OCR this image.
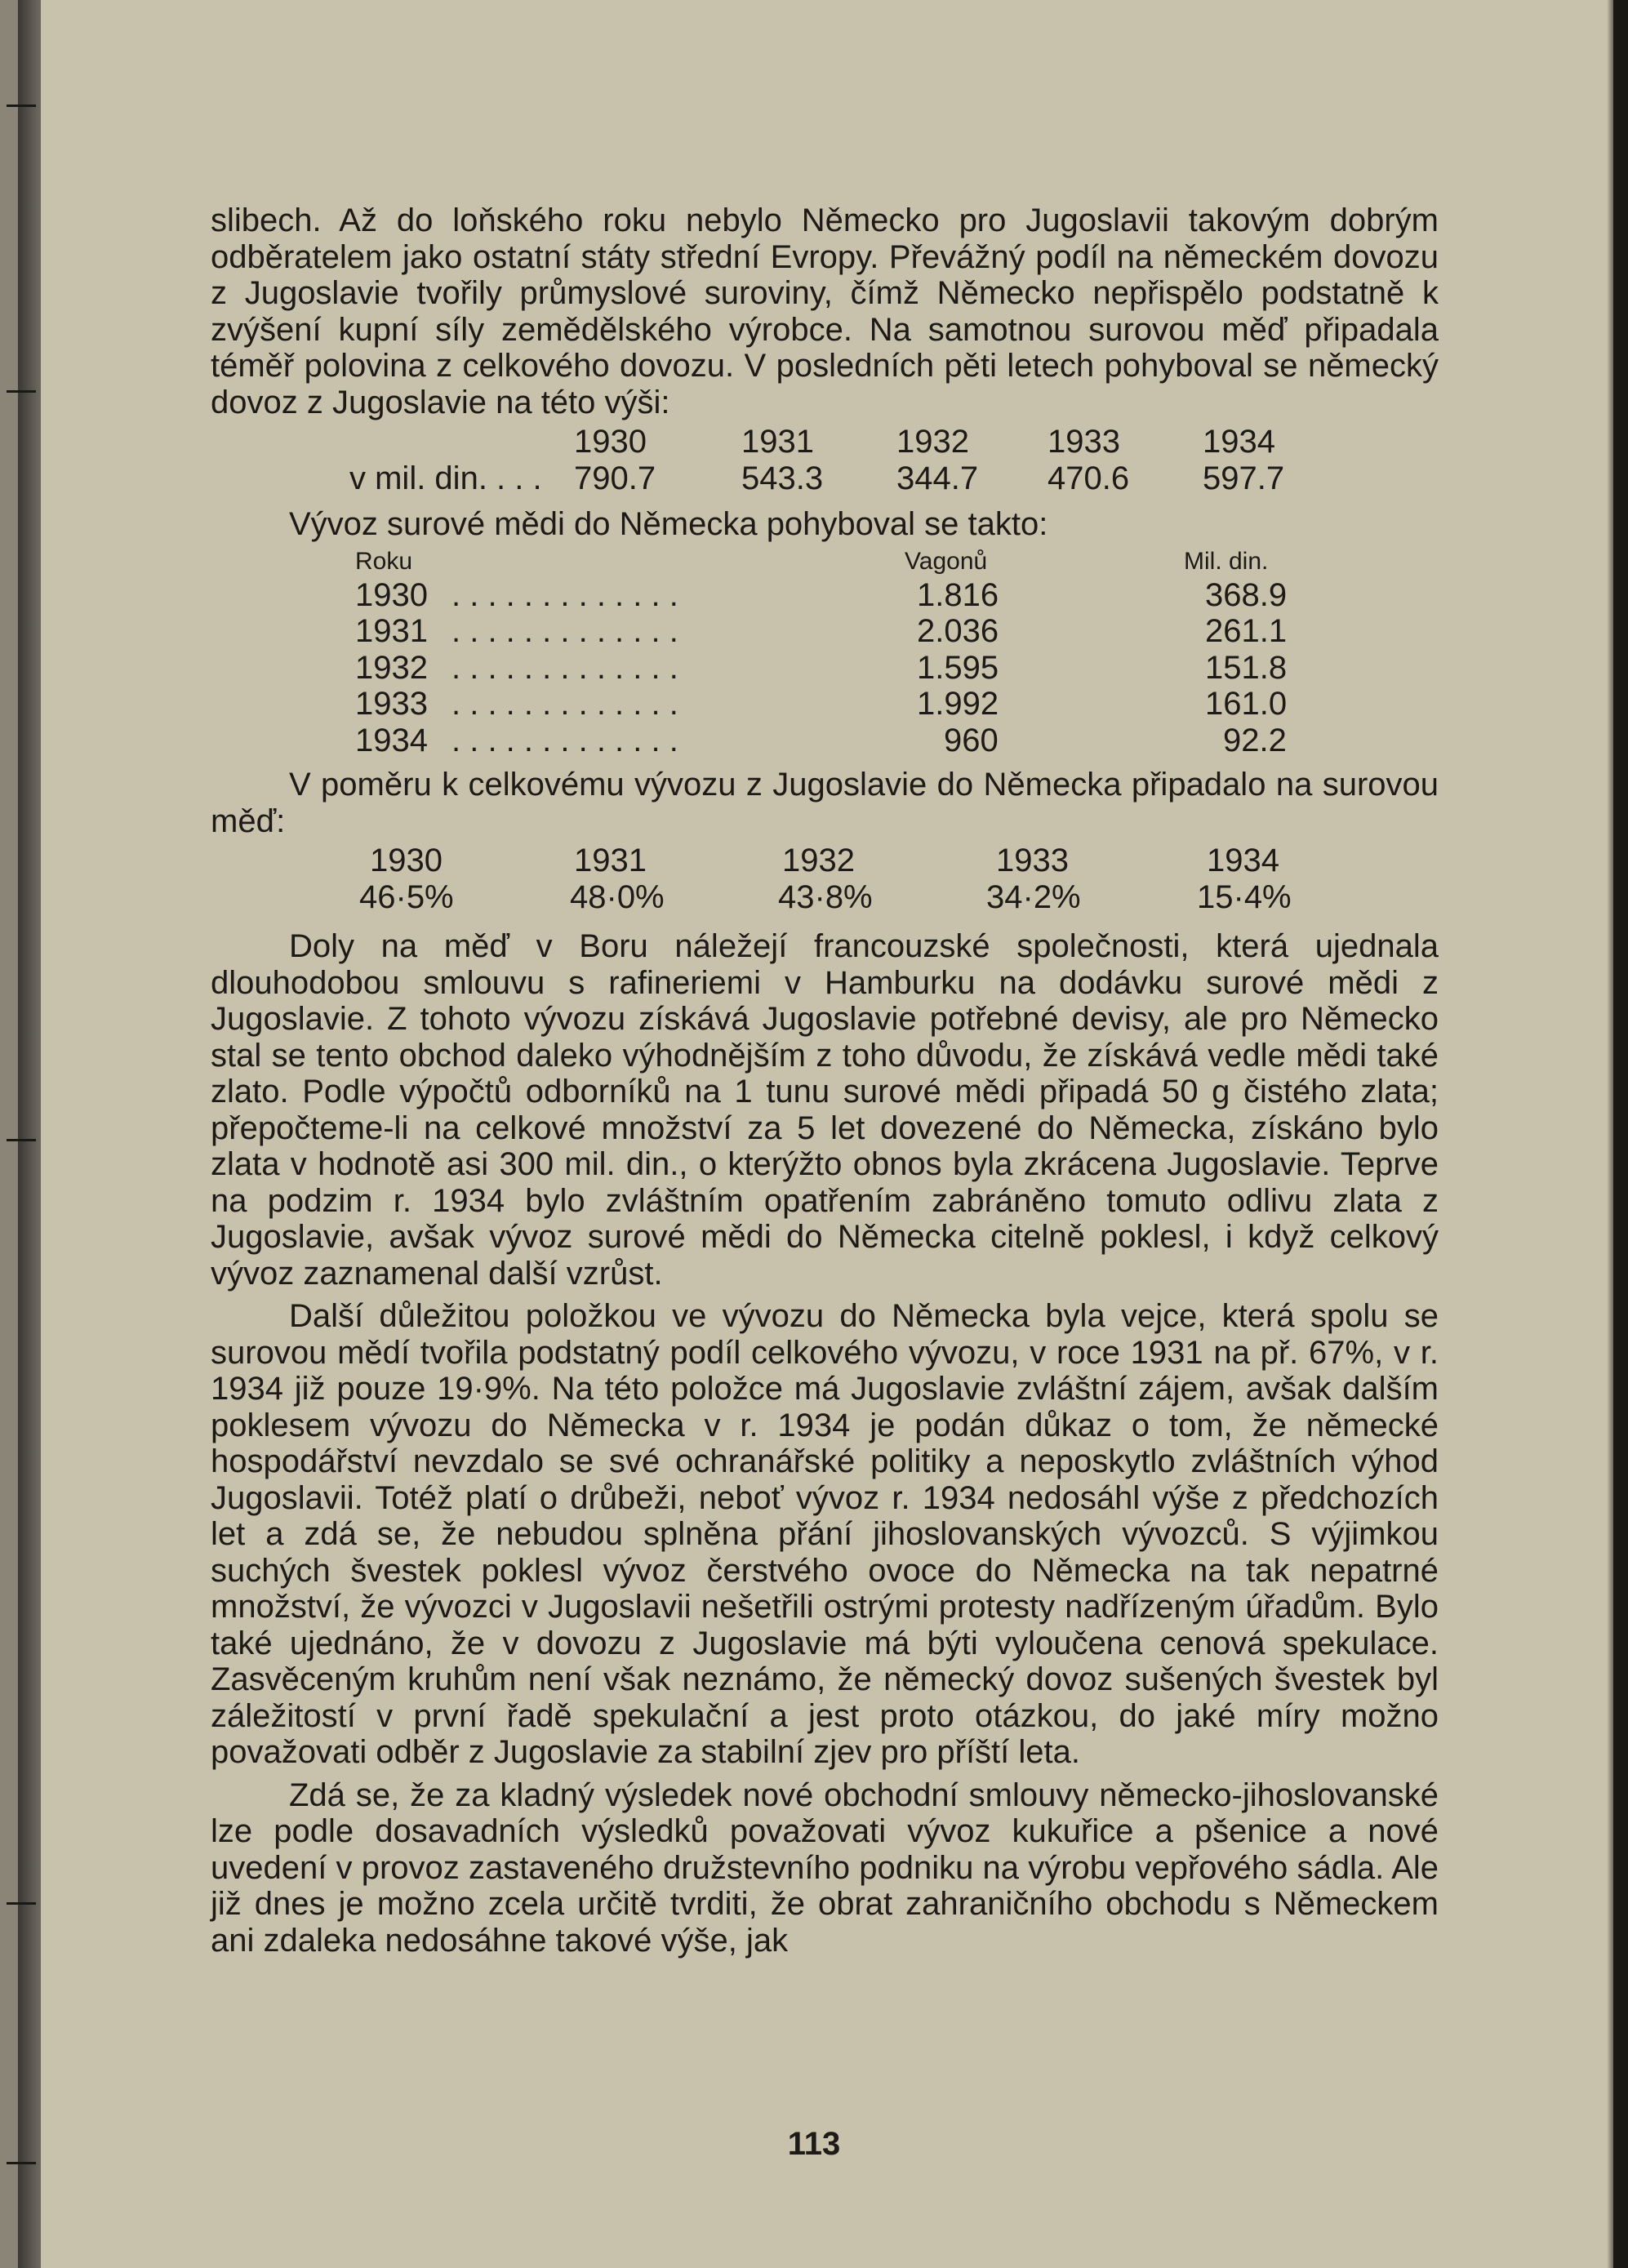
slibech. Až do loňského roku nebylo Německo pro Jugoslavii takovým dobrým odběratelem jako ostatní státy střední Evropy. Převážný podíl na německém dovozu z Jugoslavie tvořily průmyslové suroviny, čímž Německo nepřispělo podstatně k zvýšení kupní síly zemědělského výrobce. Na samotnou surovou měď připadala téměř polovina z celkového dovozu. V posledních pěti letech pohyboval se německý dovoz z Jugoslavie na této výši:

1930	1931	1932 1933	1934
v mil. din. . . . 790.7	543.3 344.7 470.6 597.7

Vývoz surové mědi do Německa pohyboval se takto:

Roku	Vagonů	Mil. din.
1930 . . . . . . . . . . . . .	1.816	368.9
1931 . . . . . . . . . . . . .	2.036	261.1
1932 . . . . . . . . . . . . .	1.595	151.8
1933 . . . . . . . . . . . . .	1.992	161.0
1934 . . . . . . . . . . . . .	960	92.2

V poměru k celkovému vývozu z Jugoslavie do Německa připadalo na surovou měď:

1930	1931	1932	1933	1934
46·5%	48·0%	43·8%	34·2%	15·4%

Doly na měď v Boru náležejí francouzské společnosti, která ujednala dlouhodobou smlouvu s rafineriemi v Hamburku na dodávku surové mědi z Jugoslavie. Z tohoto vývozu získává Jugoslavie potřebné devisy, ale pro Německo stal se tento obchod daleko výhodnějším z toho důvodu, že získává vedle mědi také zlato. Podle výpočtů odborníků na 1 tunu surové mědi připadá 50 g čistého zlata; přepočteme-li na celkové množství za 5 let dovezené do Německa, získáno bylo zlata v hodnotě asi 300 mil. din., o kterýžto obnos byla zkrácena Jugoslavie. Teprve na podzim r. 1934 bylo zvláštním opatřením zabráněno tomuto odlivu zlata z Jugoslavie, avšak vývoz surové mědi do Německa citelně poklesl, i když celkový vývoz zaznamenal další vzrůst.

Další důležitou položkou ve vývozu do Německa byla vejce, která spolu se surovou mědí tvořila podstatný podíl celkového vývozu, v roce 1931 na př. 67%, v r. 1934 již pouze 19·9%. Na této položce má Jugoslavie zvláštní zájem, avšak dalším poklesem vývozu do Německa v r. 1934 je podán důkaz o tom, že německé hospodářství nevzdalo se své ochranářské politiky a neposkytlo zvláštních výhod Jugoslavii. Totéž platí o drůbeži, neboť vývoz r. 1934 nedosáhl výše z předchozích let a zdá se, že nebudou splněna přání jihoslovanských vývozců. S výjimkou suchých švestek poklesl vývoz čerstvého ovoce do Německa na tak nepatrné množství, že vývozci v Jugoslavii nešetřili ostrými protesty nadřízeným úřadům. Bylo také ujednáno, že v dovozu z Jugoslavie má býti vyloučena cenová spekulace. Zasvěceným kruhům není však neznámo, že německý dovoz sušených švestek byl záležitostí v první řadě spekulační a jest proto otázkou, do jaké míry možno považovati odběr z Jugoslavie za stabilní zjev pro příští leta.

Zdá se, že za kladný výsledek nové obchodní smlouvy německo-jihoslovanské lze podle dosavadních výsledků považovati vývoz kukuřice a pšenice a nové uvedení v provoz zastaveného družstevního podniku na výrobu vepřového sádla. Ale již dnes je možno zcela určitě tvrditi, že obrat zahraničního obchodu s Německem ani zdaleka nedosáhne takové výše, jak

113
